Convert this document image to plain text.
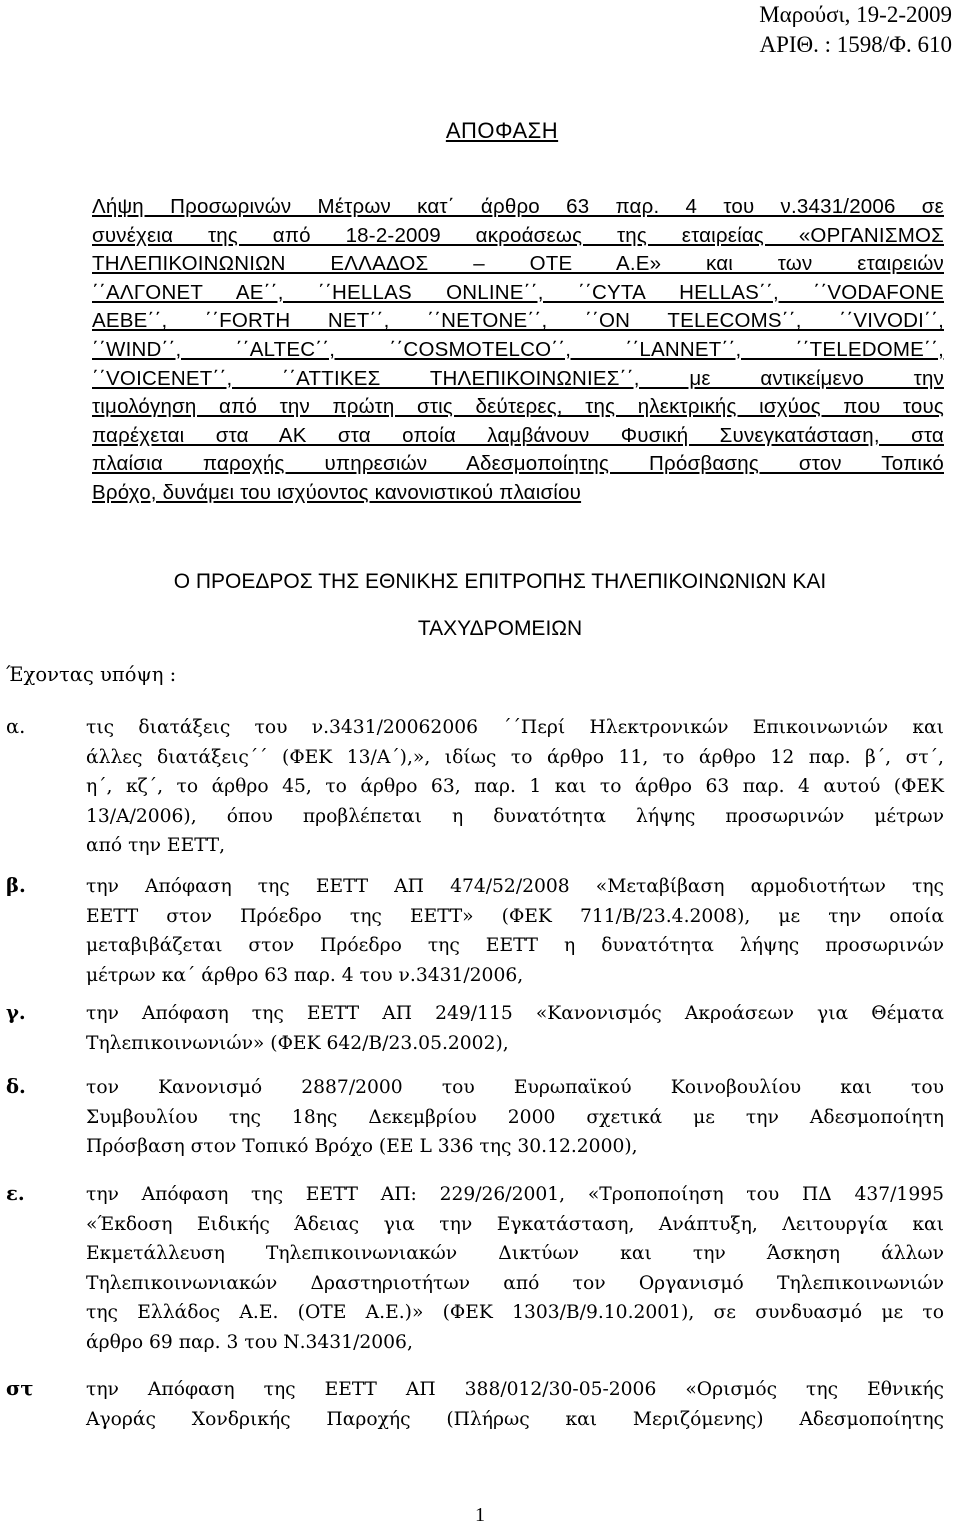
Μαρούσι, 19-2-2009
ΑΡΙΘ. : 1598/Φ. 610
ΑΠΟΦΑΣΗ
Λήψη Προσωρινών Μέτρων κατ΄ άρθρο 63 παρ. 4 του ν.3431/2006 σε
συνέχεια της από 18-2-2009 ακροάσεως της εταιρείας «ΟΡΓΑΝΙΣΜΟΣ
ΤΗΛΕΠΙΚΟΙΝΩΝΙΩΝ ΕΛΛΑΔΟΣ – ΟΤΕ Α.Ε» και των εταιρειών
΄΄ΑΛΓΟΝΕΤ ΑΕ΄΄, ΄΄HELLAS ONLINE΄΄, ΄΄CYTA HELLAS΄΄, ΄΄VODAFONE
ΑΕΒΕ΄΄, ΄΄FORTH NET΄΄, ΄΄NETONE΄΄, ΄΄ON TELECOMS΄΄, ΄΄VIVODI΄΄,
΄΄WIND΄΄, ΄΄ALTEC΄΄, ΄΄COSMOTELCO΄΄, ΄΄LANNET΄΄, ΄΄TELEDOME΄΄,
΄΄VOICENET΄΄, ΄΄ΑΤΤΙΚΕΣ ΤΗΛΕΠΙΚΟΙΝΩΝΙΕΣ΄΄, με αντικείμενο την
τιμολόγηση από την πρώτη στις δεύτερες, της ηλεκτρικής ισχύος που τους
παρέχεται στα ΑΚ στα οποία λαμβάνουν Φυσική Συνεγκατάσταση, στα
πλαίσια παροχής υπηρεσιών Αδεσμοποίητης Πρόσβασης στον Τοπικό
Βρόχο, δυνάμει του ισχύοντος κανονιστικού πλαισίου
Ο ΠΡΟΕΔΡΟΣ ΤΗΣ ΕΘΝΙΚΗΣ ΕΠΙΤΡΟΠΗΣ ΤΗΛΕΠΙΚΟΙΝΩΝΙΩΝ ΚΑΙ
ΤΑΧΥΔΡΟΜΕΙΩΝ
Έχοντας υπόψη :
α.	τις διατάξεις του ν.3431/20062006 ΄΄Περί Ηλεκτρονικών Επικοινωνιών και
άλλες διατάξεις΄΄ (ΦΕΚ 13/Α΄),», ιδίως το άρθρο 11, το άρθρο 12 παρ. β΄, στ΄,
η΄, κζ΄, το άρθρο 45, το άρθρο 63, παρ. 1 και το άρθρο 63 παρ. 4 αυτού (ΦΕΚ
13/Α/2006), όπου προβλέπεται η δυνατότητα λήψης προσωρινών μέτρων
από την ΕΕΤΤ,
β.	την Απόφαση της ΕΕΤΤ ΑΠ 474/52/2008 «Μεταβίβαση αρμοδιοτήτων της
ΕΕΤΤ στον Πρόεδρο της ΕΕΤΤ» (ΦΕΚ 711/Β/23.4.2008), με την οποία
μεταβιβάζεται στον Πρόεδρο της ΕΕΤΤ η δυνατότητα λήψης προσωρινών
μέτρων κα΄ άρθρο 63 παρ. 4 του ν.3431/2006,
γ.	την Απόφαση της ΕΕΤΤ ΑΠ 249/115 «Κανονισμός Ακροάσεων για Θέματα
Τηλεπικοινωνιών» (ΦΕΚ 642/Β/23.05.2002),
δ.	τον Κανονισμό 2887/2000 του Ευρωπαϊκού Κοινοβουλίου και του
Συμβουλίου της 18ης Δεκεμβρίου 2000 σχετικά με την Αδεσμοποίητη
Πρόσβαση στον Τοπικό Βρόχο (ΕΕ L 336 της 30.12.2000),
ε.	την Απόφαση της ΕΕΤΤ ΑΠ: 229/26/2001, «Τροποποίηση του ΠΔ 437/1995
«Έκδοση Ειδικής Άδειας για την Εγκατάσταση, Ανάπτυξη, Λειτουργία και
Εκμετάλλευση Τηλεπικοινωνιακών Δικτύων και την Άσκηση άλλων
Τηλεπικοινωνιακών Δραστηριοτήτων από τον Οργανισμό Τηλεπικοινωνιών
της Ελλάδος Α.Ε. (ΟΤΕ Α.Ε.)» (ΦΕΚ 1303/Β/9.10.2001), σε συνδυασμό με το
άρθρο 69 παρ. 3 του Ν.3431/2006,
στ	την Απόφαση της ΕΕΤΤ ΑΠ 388/012/30-05-2006 «Ορισμός της Εθνικής
Αγοράς Χονδρικής Παροχής (Πλήρως και Μεριζόμενης) Αδεσμοποίητης
1
